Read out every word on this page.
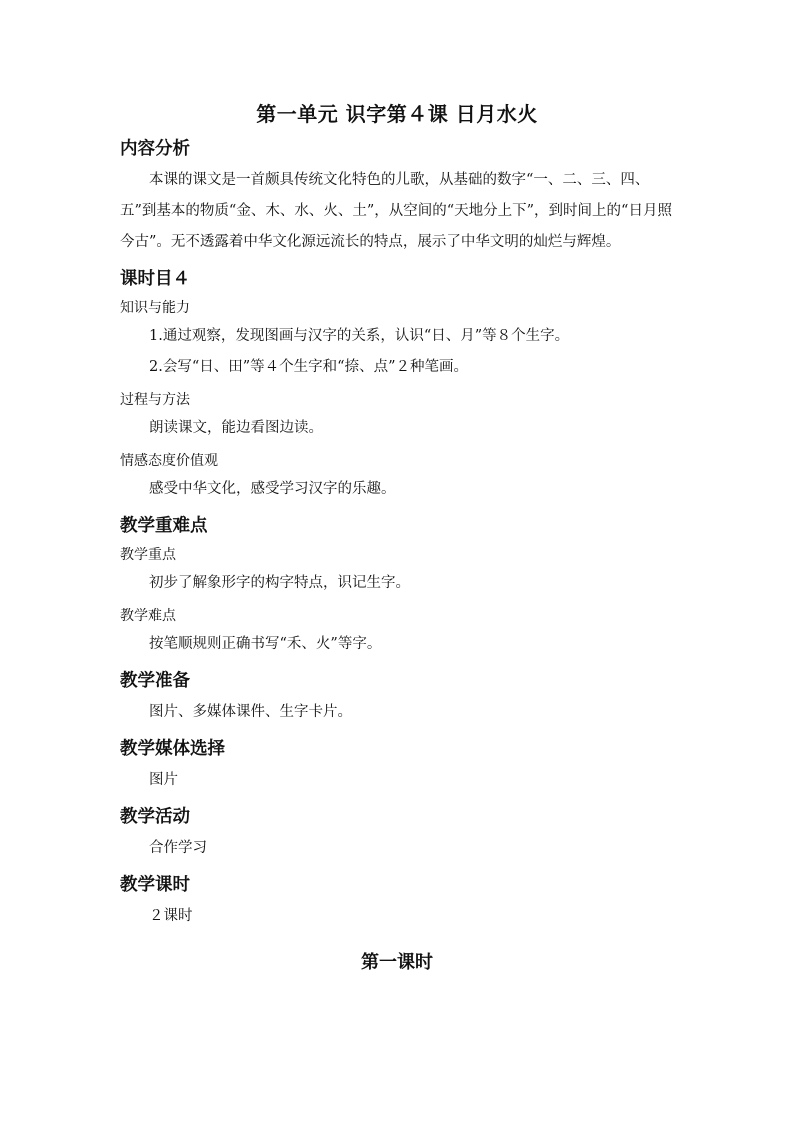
第一单元 识字第４课 日月水火
内容分析

本课的课文是一首颇具传统文化特色的儿歌，从基础的数字“一、二、三、四、五”到基本的物质“金、木、水、火、土”，从空间的“天地分上下”，到时间上的“日月照今古”。无不透露着中华文化源远流长的特点，展示了中华文明的灿烂与辉煌。

课时目４
知识与能力

1.通过观察，发现图画与汉字的关系，认识“日、月”等８个生字。

2.会写“日、田”等４个生字和“捺、点”２种笔画。

过程与方法

朗读课文，能边看图边读。

情感态度价值观

感受中华文化，感受学习汉字的乐趣。

教学重难点
教学重点

初步了解象形字的构字特点，识记生字。

教学难点

按笔顺规则正确书写“禾、火”等字。

教学准备

图片、多媒体课件、生字卡片。

教学媒体选择

图片

教学活动

合作学习

教学课时

２课时

第一课时
